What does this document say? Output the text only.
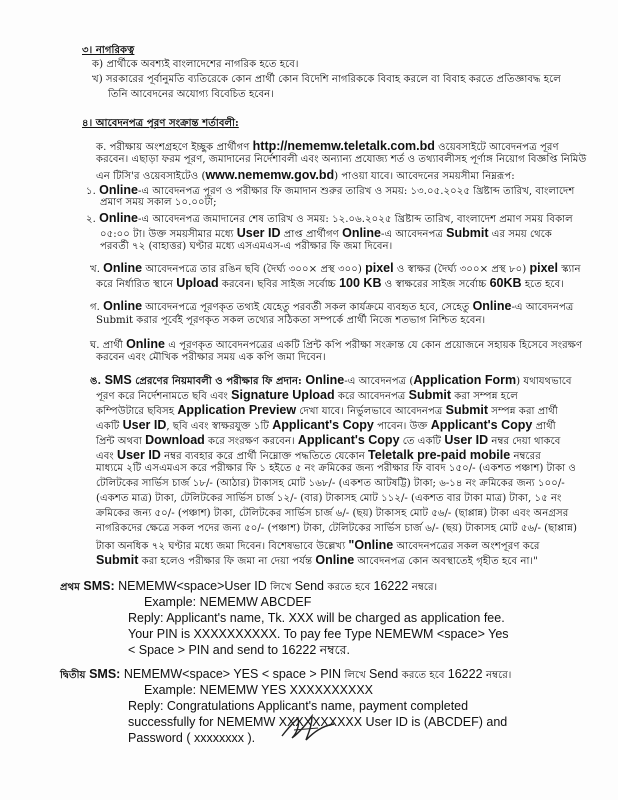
৩। নাগরিকত্ব
ক) প্রার্থীকে অবশ্যই বাংলাদেশের নাগরিক হতে হবে।
খ) সরকারের পূর্বানুমতি ব্যতিরেকে কোন প্রার্থী কোন বিদেশি নাগরিককে বিবাহ করলে বা বিবাহ করতে প্রতিজ্ঞাবদ্ধ হলে
তিনি আবেদনের অযোগ্য বিবেচিত হবেন।
৪। আবেদনপত্র পূরণ সংক্রান্ত শর্তাবলী:
ক. পরীক্ষায় অংশগ্রহণে ইচ্ছুক প্রার্থীগণ http://nememw.teletalk.com.bd ওয়েবসাইটে আবেদনপত্র পূরণ
করবেন। এছাড়া ফরম পূরণ, জমাদানের নির্দেশাবলী এবং অন্যান্য প্রযোজ্য শর্ত ও তথ্যাবলীসহ পূর্ণাঙ্গ নিয়োগ বিজ্ঞপ্তি নিমিউ
এন টিসি'র ওয়েবসাইটেও (www.nememw.gov.bd) পাওয়া যাবে। আবেদনের সময়সীমা নিম্নরূপ:
১. Online-এ আবেদনপত্র পূরণ ও পরীক্ষার ফি জমাদান শুরুর তারিখ ও সময়: ১৩.০৫.২০২৫ খ্রিষ্টাব্দ তারিখ, বাংলাদেশ
প্রমাণ সময় সকাল ১০.০০টা;
২. Online-এ আবেদনপত্র জমাদানের শেষ তারিখ ও সময়: ১২.০৬.২০২৫ খ্রিষ্টাব্দ তারিখ, বাংলাদেশ প্রমাণ সময় বিকাল
০৫:০০ টা। উক্ত সময়সীমার মধ্যে User ID প্রাপ্ত প্রার্থীগণ Online-এ আবেদনপত্র Submit এর সময় থেকে
পরবর্তী ৭২ (বাহাত্তর) ঘণ্টার মধ্যে এসএমএস-এ পরীক্ষার ফি জমা দিবেন।
খ. Online আবেদনপত্রে তার রঙিন ছবি (দৈর্ঘ্য ৩০০× প্রস্থ ৩০০) pixel ও স্বাক্ষর (দৈর্ঘ্য ৩০০× প্রস্থ ৮০) pixel স্ক্যান
করে নির্ধারিত স্থানে Upload করবেন। ছবির সাইজ সর্বোচ্চ 100 KB ও স্বাক্ষরের সাইজ সর্বোচ্চ 60KB হতে হবে।
গ. Online আবেদনপত্রে পূরণকৃত তথ্যই যেহেতু পরবর্তী সকল কার্যক্রমে ব্যবহৃত হবে, সেহেতু Online-এ আবেদনপত্র
Submit করার পূর্বেই পূরণকৃত সকল তথ্যের সঠিকতা সম্পর্কে প্রার্থী নিজে শতভাগ নিশ্চিত হবেন।
ঘ. প্রার্থী Online এ পূরণকৃত আবেদনপত্রের একটি প্রিন্ট কপি পরীক্ষা সংক্রান্ত যে কোন প্রয়োজনে সহায়ক হিসেবে সংরক্ষণ
করবেন এবং মৌখিক পরীক্ষার সময় এক কপি জমা দিবেন।
ঙ. SMS প্রেরণের নিয়মাবলী ও পরীক্ষার ফি প্রদান: Online-এ আবেদনপত্র (Application Form) যথাযথভাবে
পূরণ করে নির্দেশনামতে ছবি এবং Signature Upload করে আবেদনপত্র Submit করা সম্পন্ন হলে
কম্পিউটারে ছবিসহ Application Preview দেখা যাবে। নির্ভুলভাবে আবেদনপত্র Submit সম্পন্ন করা প্রার্থী
একটি User ID, ছবি এবং স্বাক্ষরযুক্ত ১টি Applicant's Copy পাবেন। উক্ত Applicant's Copy প্রার্থী
প্রিন্ট অথবা Download করে সংরক্ষণ করবেন। Applicant's Copy তে একটি User ID নম্বর দেয়া থাকবে
এবং User ID নম্বর ব্যবহার করে প্রার্থী নিম্নোক্ত পদ্ধতিতে যেকোন Teletalk pre-paid mobile নম্বরের
মাধ্যমে ২টি এসএমএস করে পরীক্ষার ফি ১ হইতে ৫ নং ক্রমিকের জন্য পরীক্ষার ফি বাবদ ১৫০/- (একশত পঞ্চাশ) টাকা ও
টেলিটকের সার্ভিস চার্জ ১৮/- (আঠার) টাকাসহ মোট ১৬৮/- (একশত আটষট্টি) টাকা; ৬-১৪ নং ক্রমিকের জন্য ১০০/-
(একশত মাত্র) টাকা, টেলিটকের সার্ভিস চার্জ ১২/- (বার) টাকাসহ মোট ১১২/- (একশত বার টাকা মাত্র) টাকা, ১৫ নং
ক্রমিকের জন্য ৫০/- (পঞ্চাশ) টাকা, টেলিটকের সার্ভিস চার্জ ৬/- (ছয়) টাকাসহ মোট ৫৬/- (ছাপ্পান্ন) টাকা এবং অনগ্রসর
নাগরিকদের ক্ষেত্রে সকল পদের জন্য ৫০/- (পঞ্চাশ) টাকা, টেলিটকের সার্ভিস চার্জ ৬/- (ছয়) টাকাসহ মোট ৫৬/- (ছাপ্পান্ন)
টাকা অনধিক ৭২ ঘণ্টার মধ্যে জমা দিবেন। বিশেষভাবে উল্লেখ্য "Online আবেদনপত্রের সকল অংশপূরণ করে
Submit করা হলেও পরীক্ষার ফি জমা না দেয়া পর্যন্ত Online আবেদনপত্র কোন অবস্থাতেই গৃহীত হবে না।"
প্রথম SMS: NEMEMW<space>User ID লিখে Send করতে হবে 16222 নম্বরে।
Example: NEMEMW ABCDEF
Reply: Applicant's name, Tk. XXX will be charged as application fee.
Your PIN is XXXXXXXXXX. To pay fee Type NEMEWM <space> Yes
< Space > PIN and send to 16222 নম্বরে.
দ্বিতীয় SMS: NEMEMW<space> YES < space > PIN লিখে Send করতে হবে 16222 নম্বরে।
Example: NEMEMW YES XXXXXXXXXX
Reply: Congratulations Applicant's name, payment completed
successfully for NEMEMW XXXXXXXXXX User ID is (ABCDEF) and
Password ( xxxxxxxx ).
